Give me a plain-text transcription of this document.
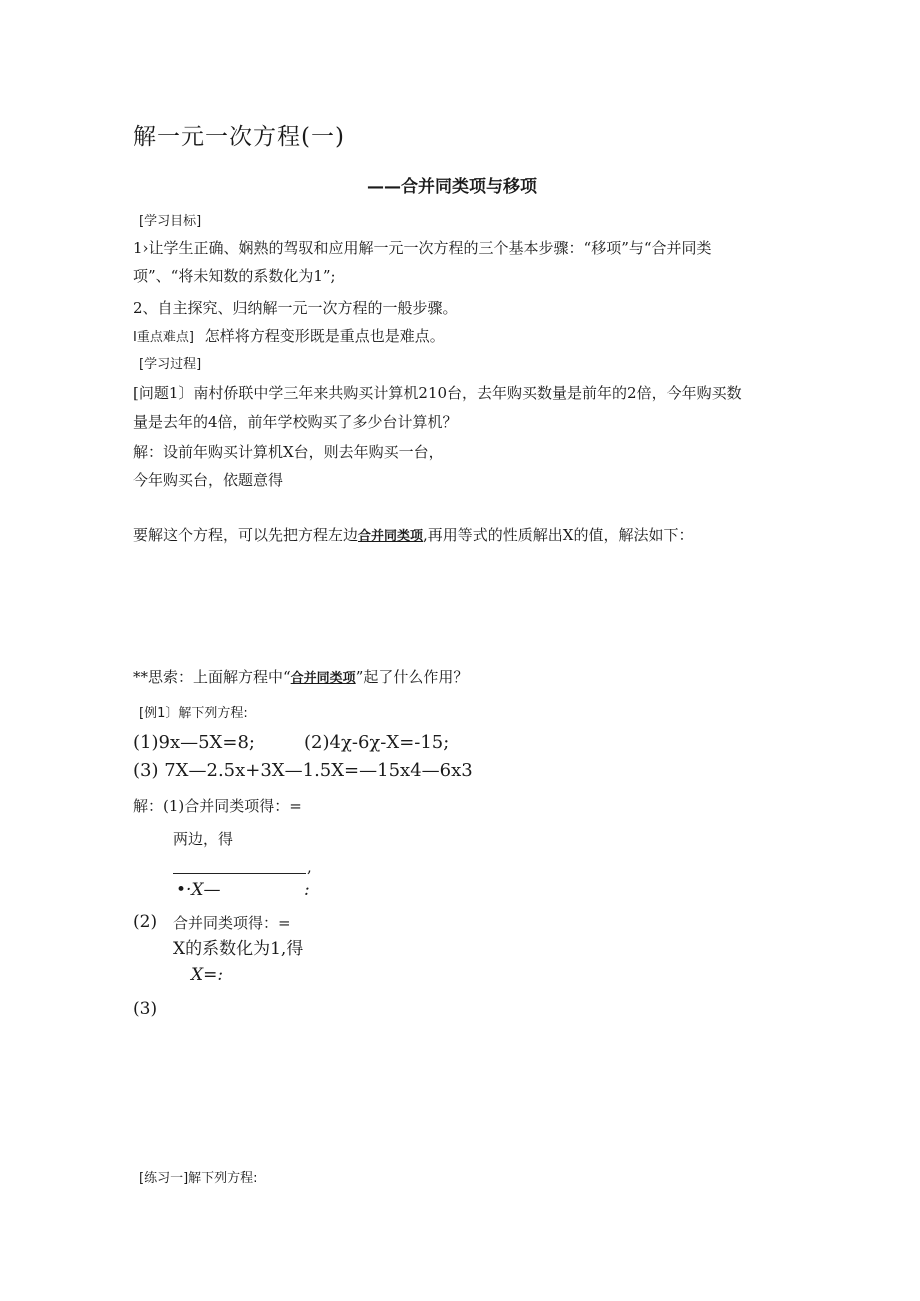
解一元一次方程(一)
——合并同类项与移项
[学习目标]
1›让学生正确、娴熟的驾驭和应用解一元一次方程的三个基本步骤：“移项”与“合并同类
项”、“将未知数的系数化为1”;
2、自主探究、归纳解一元一次方程的一般步骤。
I重点难点] 怎样将方程变形既是重点也是难点。
[学习过程]
[问题1〕南村侨联中学三年来共购买计算机210台，去年购买数量是前年的2倍，今年购买数
量是去年的4倍，前年学校购买了多少台计算机？
解：设前年购买计算机X台，则去年购买一台，
今年购买台，依题意得
要解这个方程，可以先把方程左边合并同类项,再用等式的性质解出X的值，解法如下：
**思索：上面解方程中“合并同类项”起了什么作用？
[例1〕解下列方程:
(1)9x—5X=8;	(2)4χ-6χ-X=-15;
(3) 7X—2.5x+3X—1.5X=—15x4—6x3
解：(1)合并同类项得：=
两边，得
,
•·X—	:
(2) 合并同类项得：=
X的系数化为1,得
X=:
(3)
[练习一]解下列方程:
